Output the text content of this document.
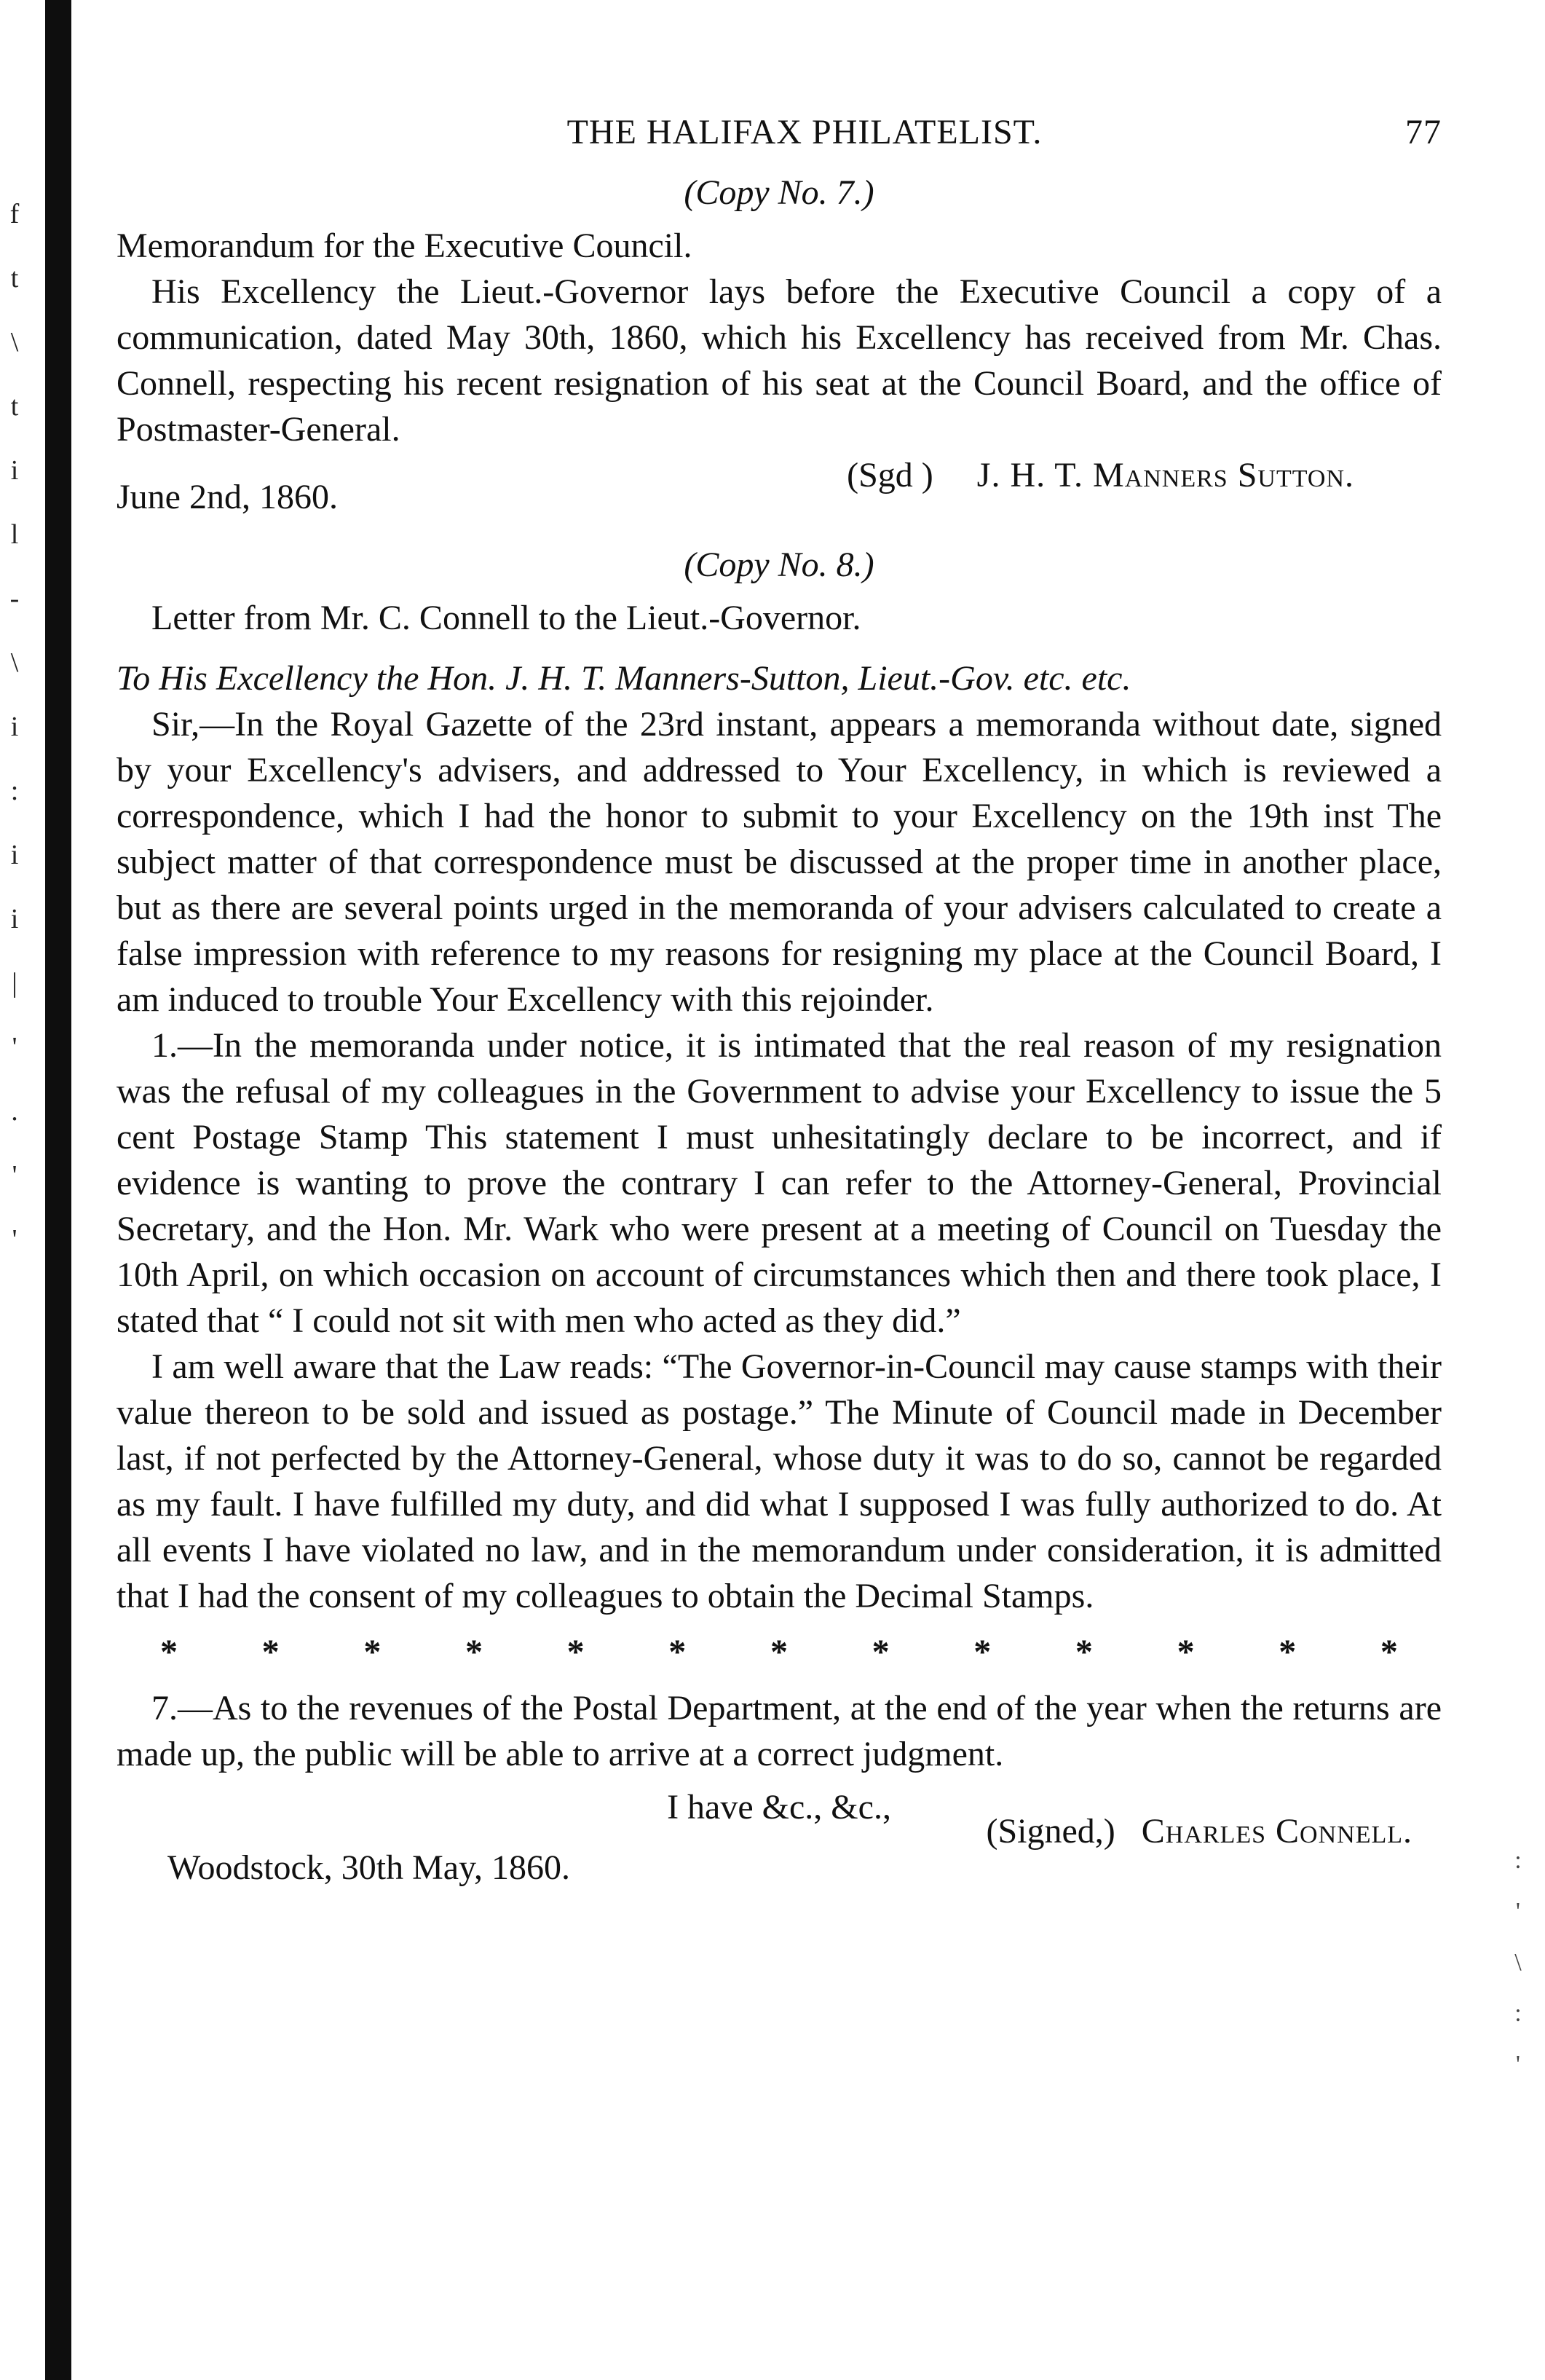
f
t
\
t
i
l
-
\
i
:
i
i
|
'
.
'
'
:
'
\
:
'
THE HALIFAX PHILATELIST.	77
(Copy No. 7.)

Memorandum for the Executive Council.

His Excellency the Lieut.-Governor lays before the Executive Council a copy of a communication, dated May 30th, 1860, which his Excellency has received from Mr. Chas. Connell, respecting his recent resignation of his seat at the Council Board, and the office of Postmaster-General.

June 2nd, 1860.
(Sgd ) J. H. T. Manners Sutton.
(Copy No. 8.)

Letter from Mr. C. Connell to the Lieut.-Governor.

To His Excellency the Hon. J. H. T. Manners-Sutton, Lieut.-Gov. etc. etc.

Sir,—In the Royal Gazette of the 23rd instant, appears a memoranda without date, signed by your Excellency's advisers, and addressed to Your Excellency, in which is reviewed a correspondence, which I had the honor to submit to your Excellency on the 19th inst The subject matter of that correspondence must be discussed at the proper time in another place, but as there are several points urged in the memoranda of your advisers calculated to create a false impression with reference to my reasons for resigning my place at the Council Board, I am induced to trouble Your Excellency with this rejoinder.

1.—In the memoranda under notice, it is intimated that the real reason of my resignation was the refusal of my colleagues in the Government to advise your Excellency to issue the 5 cent Postage Stamp This statement I must unhesitatingly declare to be incorrect, and if evidence is wanting to prove the contrary I can refer to the Attorney-General, Provincial Secretary, and the Hon. Mr. Wark who were present at a meeting of Council on Tuesday the 10th April, on which occasion on account of circumstances which then and there took place, I stated that “ I could not sit with men who acted as they did.”

I am well aware that the Law reads: “The Governor-in-Council may cause stamps with their value thereon to be sold and issued as postage.” The Minute of Council made in December last, if not perfected by the Attorney-General, whose duty it was to do so, cannot be regarded as my fault. I have fulfilled my duty, and did what I supposed I was fully authorized to do. At all events I have violated no law, and in the memorandum under consideration, it is admitted that I had the consent of my colleagues to obtain the Decimal Stamps.

* * * * * * * * * * * * *

7.—As to the revenues of the Postal Department, at the end of the year when the returns are made up, the public will be able to arrive at a correct judgment.

I have &c., &c.,
Woodstock, 30th May, 1860.
(Signed,) Charles Connell.
